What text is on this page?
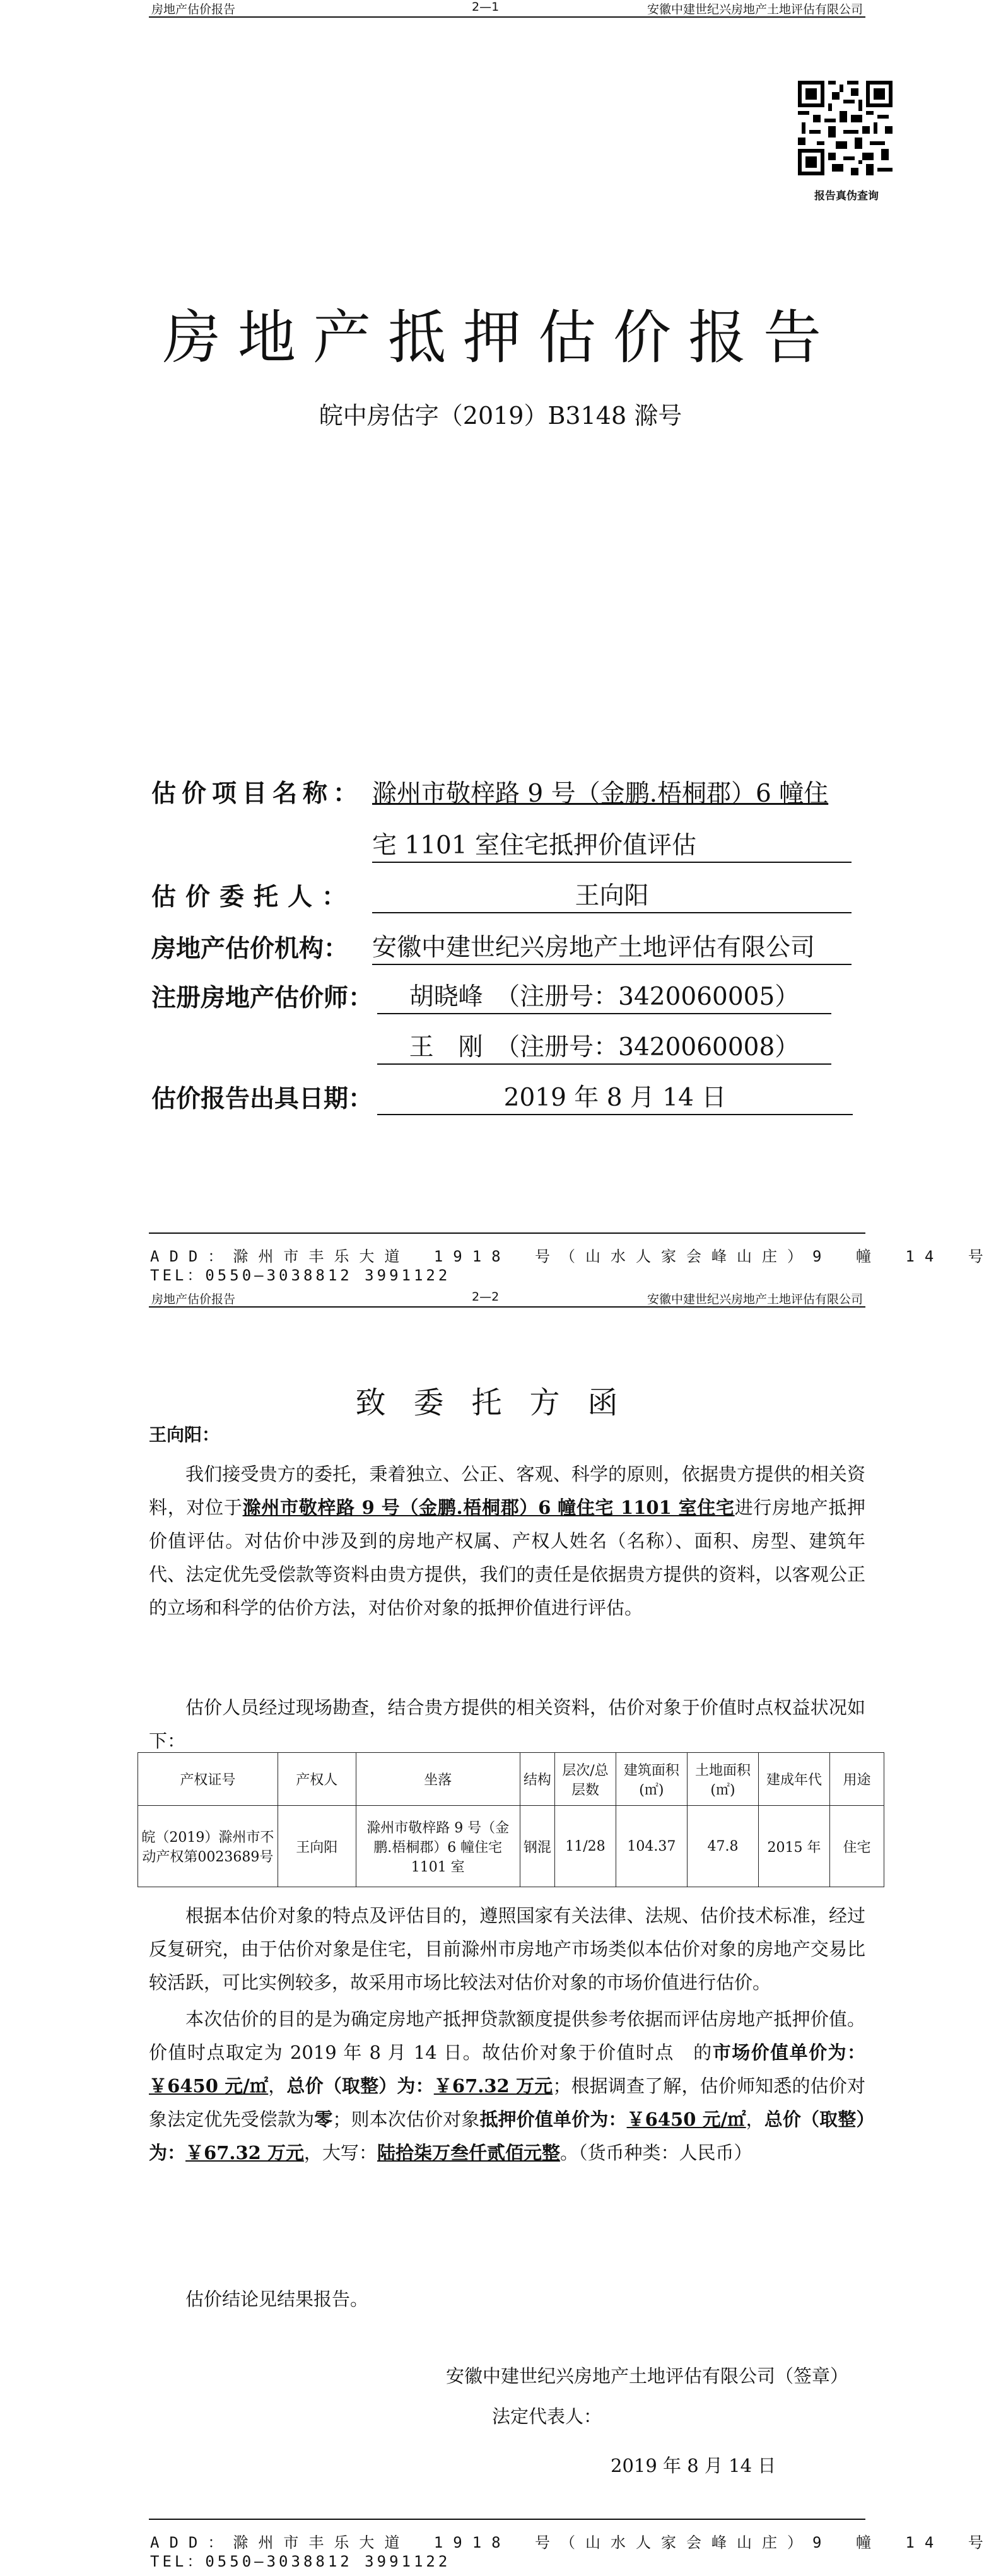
房地产估价报告	2—1	安徽中建世纪兴房地产土地评估有限公司
报告真伪查询
房地产抵押估价报告
皖中房估字（2019）B3148 滁号
估价项目名称： 滁州市敬梓路 9 号（金鹏.梧桐郡）6 幢住
宅 1101 室住宅抵押价值评估
估价委托人：	王向阳
房地产估价机构： 安徽中建世纪兴房地产土地评估有限公司
注册房地产估价师：	胡晓峰　（注册号：3420060005）
王　刚　（注册号：3420060008）
估价报告出具日期：	2019 年 8 月 14 日
ADD：滁州市丰乐大道 1918 号（山水人家会峰山庄）9 幢 14 号
TEL：0550—3038812 3991122
房地产估价报告	2—2	安徽中建世纪兴房地产土地评估有限公司
致委托方函
王向阳：
我们接受贵方的委托，秉着独立、公正、客观、科学的原则，依据贵方提供的相关资料，对位于滁州市敬梓路 9 号（金鹏.梧桐郡）6 幢住宅 1101 室住宅进行房地产抵押价值评估。对估价中涉及到的房地产权属、产权人姓名（名称）、面积、房型、建筑年代、法定优先受偿款等资料由贵方提供，我们的责任是依据贵方提供的资料，以客观公正的立场和科学的估价方法，对估价对象的抵押价值进行评估。
估价人员经过现场勘查，结合贵方提供的相关资料，估价对象于价值时点权益状况如下：
产权证号	产权人	坐落	结构	层次/总层数	建筑面积(㎡)	土地面积(㎡)	建成年代	用途
皖（2019）滁州市不动产权第0023689号	王向阳	滁州市敬梓路 9 号（金鹏.梧桐郡）6 幢住宅 1101 室	钢混	11/28	104.37	47.8	2015 年	住宅
根据本估价对象的特点及评估目的，遵照国家有关法律、法规、估价技术标准，经过反复研究，由于估价对象是住宅，目前滁州市房地产市场类似本估价对象的房地产交易比较活跃，可比实例较多，故采用市场比较法对估价对象的市场价值进行估价。
本次估价的目的是为确定房地产抵押贷款额度提供参考依据而评估房地产抵押价值。价值时点取定为 2019 年 8 月 14 日。故估价对象于价值时点　的市场价值单价为：￥6450 元/㎡，总价（取整）为：￥67.32 万元；根据调查了解，估价师知悉的估价对象法定优先受偿款为零；则本次估价对象抵押价值单价为：￥6450 元/㎡，总价（取整）为：￥67.32 万元，大写：陆拾柒万叁仟贰佰元整。（货币种类：人民币）
估价结论见结果报告。
安徽中建世纪兴房地产土地评估有限公司（签章）
法定代表人：
2019 年 8 月 14 日
ADD：滁州市丰乐大道 1918 号（山水人家会峰山庄）9 幢 14 号
TEL：0550—3038812 3991122
